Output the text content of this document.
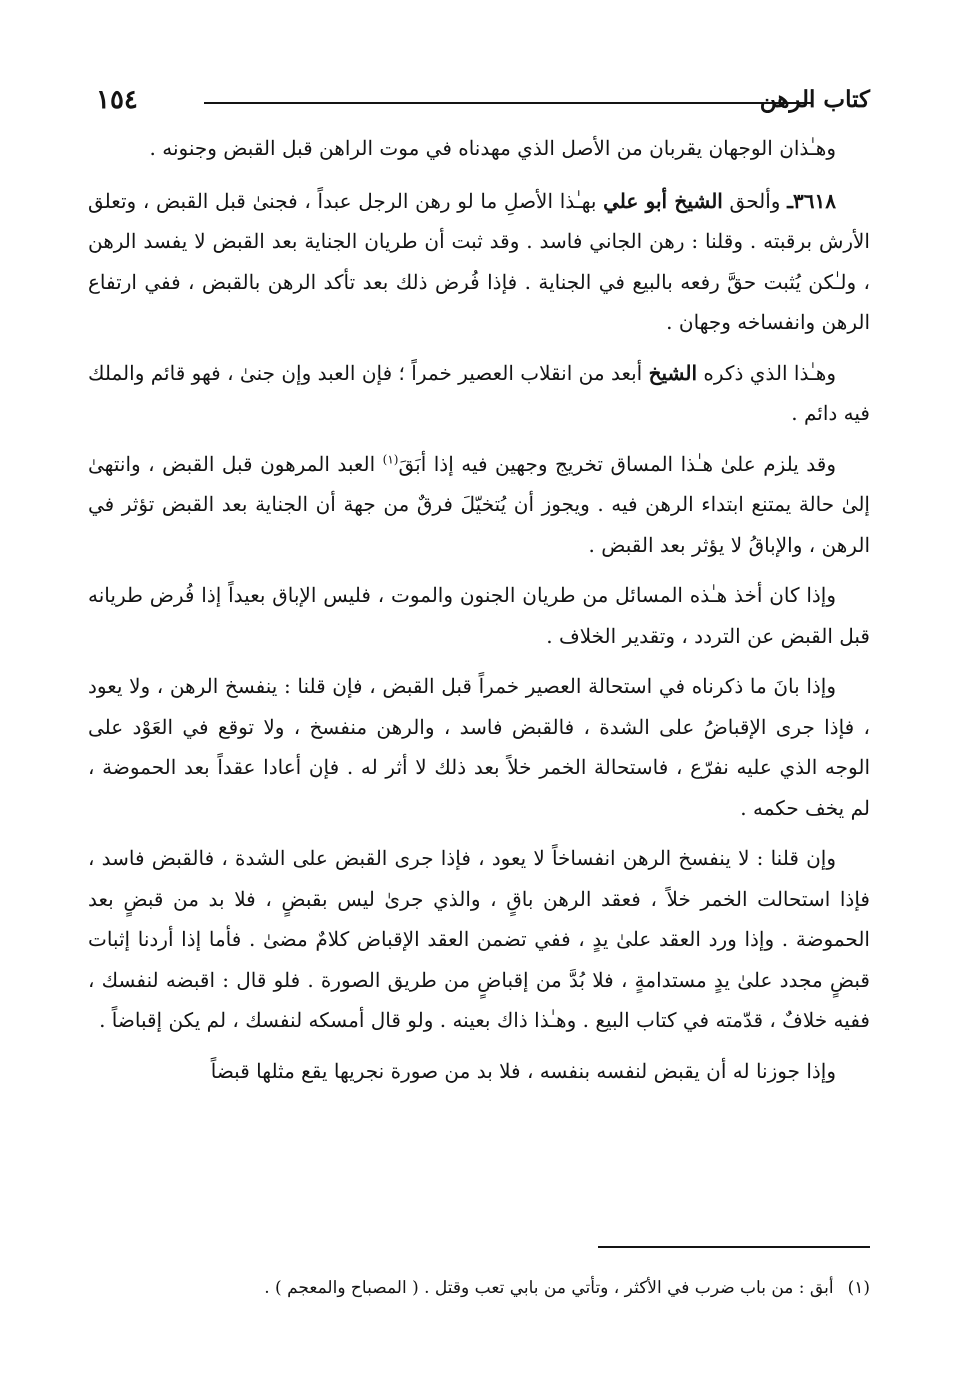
كتاب الرهن
١٥٤

وهـٰذان الوجهان يقربان من الأصل الذي مهدناه في موت الراهن قبل القبض وجنونه .

٣٦١٨ـ وألحق الشيخ أبو علي بهـٰذا الأصلِ ما لو رهن الرجل عبداً ، فجنىٰ قبل القبض ، وتعلق الأرش برقبته . وقلنا : رهن الجاني فاسد . وقد ثبت أن طريان الجناية بعد القبض لا يفسد الرهن ، ولـٰكن يُثبت حقَّ رفعه بالبيع في الجناية . فإذا فُرض ذلك بعد تأكد الرهن بالقبض ، ففي ارتفاع الرهن وانفساخه وجهان .

وهـٰذا الذي ذكره الشيخ أبعد من انقلاب العصير خمراً ؛ فإن العبد وإن جنىٰ ، فهو قائم والملك فيه دائم .

وقد يلزم علىٰ هـٰذا المساق تخريج وجهين فيه إذا أبَقَ$^{(١)}$ العبد المرهون قبل القبض ، وانتهىٰ إلىٰ حالة يمتنع ابتداء الرهن فيه . ويجوز أن يُتخيّلَ فرقٌ من جهة أن الجناية بعد القبض تؤثر في الرهن ، والإباقُ لا يؤثر بعد القبض .

وإذا كان أخذ هـٰذه المسائل من طريان الجنون والموت ، فليس الإباق بعيداً إذا فُرض طريانه قبل القبض عن التردد ، وتقدير الخلاف .

وإذا بانَ ما ذكرناه في استحالة العصير خمراً قبل القبض ، فإن قلنا : ينفسخ الرهن ، ولا يعود ، فإذا جرى الإقباضُ على الشدة ، فالقبض فاسد ، والرهن منفسخ ، ولا توقع في العَوْد على الوجه الذي عليه نفرّع ، فاستحالة الخمر خلاً بعد ذلك لا أثر له . فإن أعادا عقداً بعد الحموضة ، لم يخف حكمه .

وإن قلنا : لا ينفسخ الرهن انفساخاً لا يعود ، فإذا جرى القبض على الشدة ، فالقبض فاسد ، فإذا استحالت الخمر خلاً ، فعقد الرهن باقٍ ، والذي جرىٰ ليس بقبضٍ ، فلا بد من قبضٍ بعد الحموضة . وإذا ورد العقد علىٰ يدٍ ، ففي تضمن العقد الإقباض كلامٌ مضىٰ . فأما إذا أردنا إثبات قبضٍ مجدد علىٰ يدٍ مستدامةٍ ، فلا بُدَّ من إقباضٍ من طريق الصورة . فلو قال : اقبضه لنفسك ، ففيه خلافٌ ، قدّمته في كتاب البيع . وهـٰذا ذاك بعينه . ولو قال أمسكه لنفسك ، لم يكن إقباضاً .

وإذا جوزنا له أن يقبض لنفسه بنفسه ، فلا بد من صورة نجريها يقع مثلها قبضاً

(١)أبق : من باب ضرب في الأكثر ، وتأتي من بابي تعب وقتل . ( المصباح والمعجم ) .
